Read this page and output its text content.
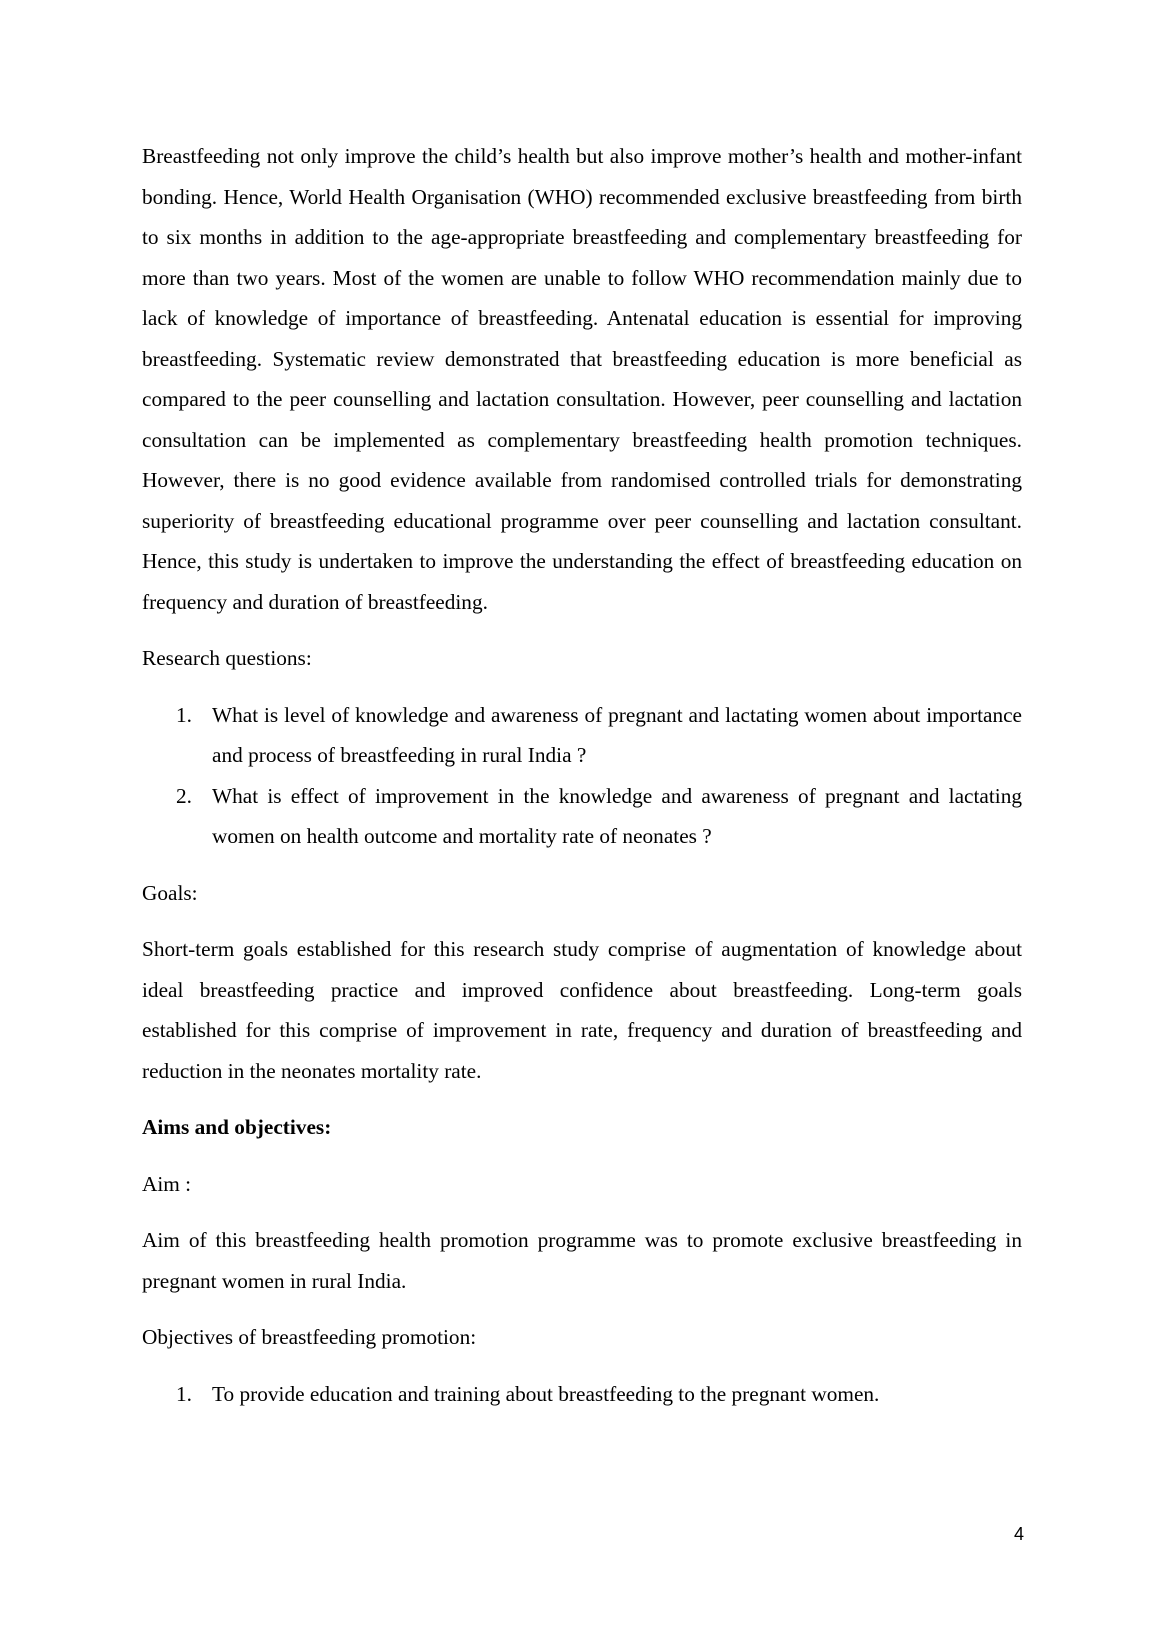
Breastfeeding not only improve the child’s health but also improve mother’s health and mother-infant bonding. Hence, World Health Organisation (WHO) recommended exclusive breastfeeding from birth to six months in addition to the age-appropriate breastfeeding and complementary breastfeeding for more than two years. Most of the women are unable to follow WHO recommendation mainly due to lack of knowledge of importance of breastfeeding. Antenatal education is essential for improving breastfeeding. Systematic review demonstrated that breastfeeding education is more beneficial as compared to the peer counselling and lactation consultation. However, peer counselling and lactation consultation can be implemented as complementary breastfeeding health promotion techniques. However, there is no good evidence available from randomised controlled trials for demonstrating superiority of breastfeeding educational programme over peer counselling and lactation consultant. Hence, this study is undertaken to improve the understanding the effect of breastfeeding education on frequency and duration of breastfeeding.

Research questions:

1. What is level of knowledge and awareness of pregnant and lactating women about importance and process of breastfeeding in rural India ?
2. What is effect of improvement in the knowledge and awareness of pregnant and lactating women on health outcome and mortality rate of neonates ?

Goals:

Short-term goals established for this research study comprise of augmentation of knowledge about ideal breastfeeding practice and improved confidence about breastfeeding. Long-term goals established for this comprise of improvement in rate, frequency and duration of breastfeeding and reduction in the neonates mortality rate.

Aims and objectives:

Aim :

Aim of this breastfeeding health promotion programme was to promote exclusive breastfeeding in pregnant women in rural India.

Objectives of breastfeeding promotion:

1. To provide education and training about breastfeeding to the pregnant women.
4
